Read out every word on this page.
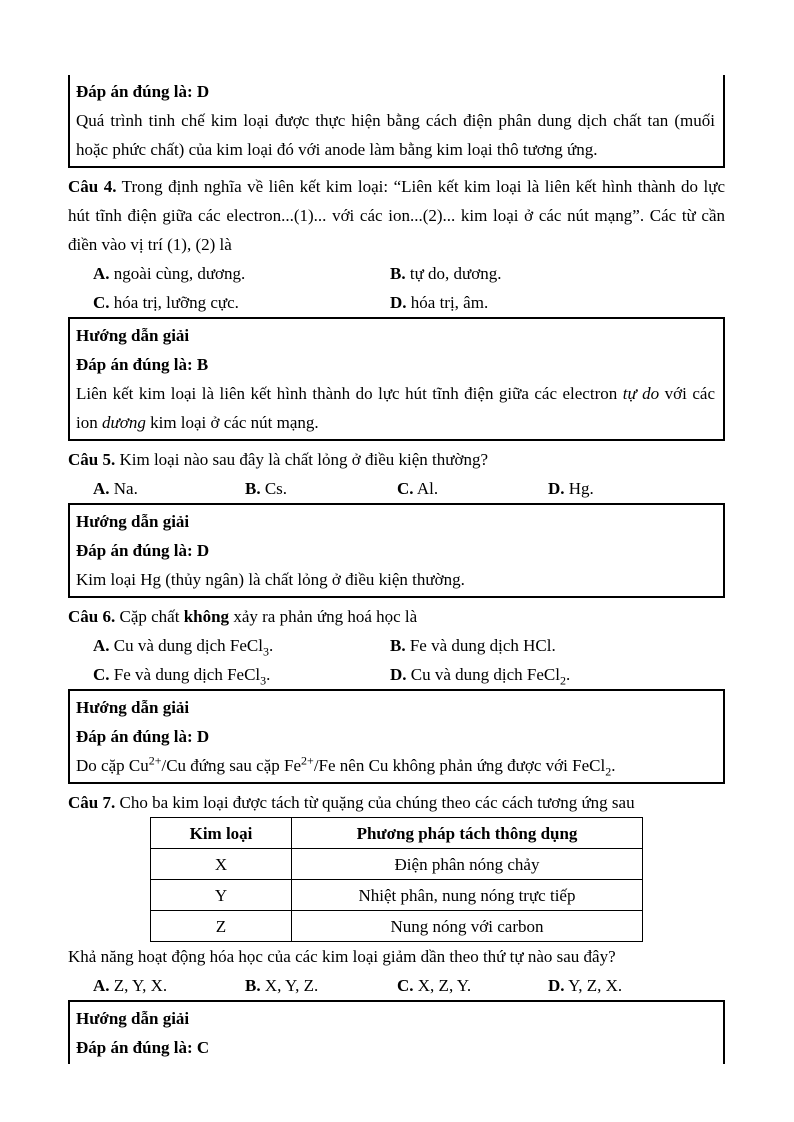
Đáp án đúng là: D

Quá trình tinh chế kim loại được thực hiện bằng cách điện phân dung dịch chất tan (muối hoặc phức chất) của kim loại đó với anode làm bằng kim loại thô tương ứng.

Câu 4. Trong định nghĩa về liên kết kim loại: “Liên kết kim loại là liên kết hình thành do lực hút tĩnh điện giữa các electron...(1)... với các ion...(2)... kim loại ở các nút mạng”. Các từ cần điền vào vị trí (1), (2) là

A. ngoài cùng, dương.	B. tự do, dương.
C. hóa trị, lưỡng cực.	D. hóa trị, âm.

Hướng dẫn giải

Đáp án đúng là: B

Liên kết kim loại là liên kết hình thành do lực hút tĩnh điện giữa các electron tự do với các ion dương kim loại ở các nút mạng.

Câu 5. Kim loại nào sau đây là chất lỏng ở điều kiện thường?

A. Na.	B. Cs.	C. Al.	D. Hg.

Hướng dẫn giải

Đáp án đúng là: D

Kim loại Hg (thủy ngân) là chất lỏng ở điều kiện thường.

Câu 6. Cặp chất không xảy ra phản ứng hoá học là

A. Cu và dung dịch FeCl$_3$.	B. Fe và dung dịch HCl.
C. Fe và dung dịch FeCl$_3$.	D. Cu và dung dịch FeCl$_2$.

Hướng dẫn giải

Đáp án đúng là: D

Do cặp $Cu^{2+}/Cu$ đứng sau cặp $Fe^{2+}/Fe$ nên Cu không phản ứng được với FeCl$_2$.

Câu 7. Cho ba kim loại được tách từ quặng của chúng theo các cách tương ứng sau

Kim loại	Phương pháp tách thông dụng
X	Điện phân nóng chảy
Y	Nhiệt phân, nung nóng trực tiếp
Z	Nung nóng với carbon

Khả năng hoạt động hóa học của các kim loại giảm dần theo thứ tự nào sau đây?

A. Z, Y, X.	B. X, Y, Z.	C. X, Z, Y.	D. Y, Z, X.

Hướng dẫn giải

Đáp án đúng là: C
